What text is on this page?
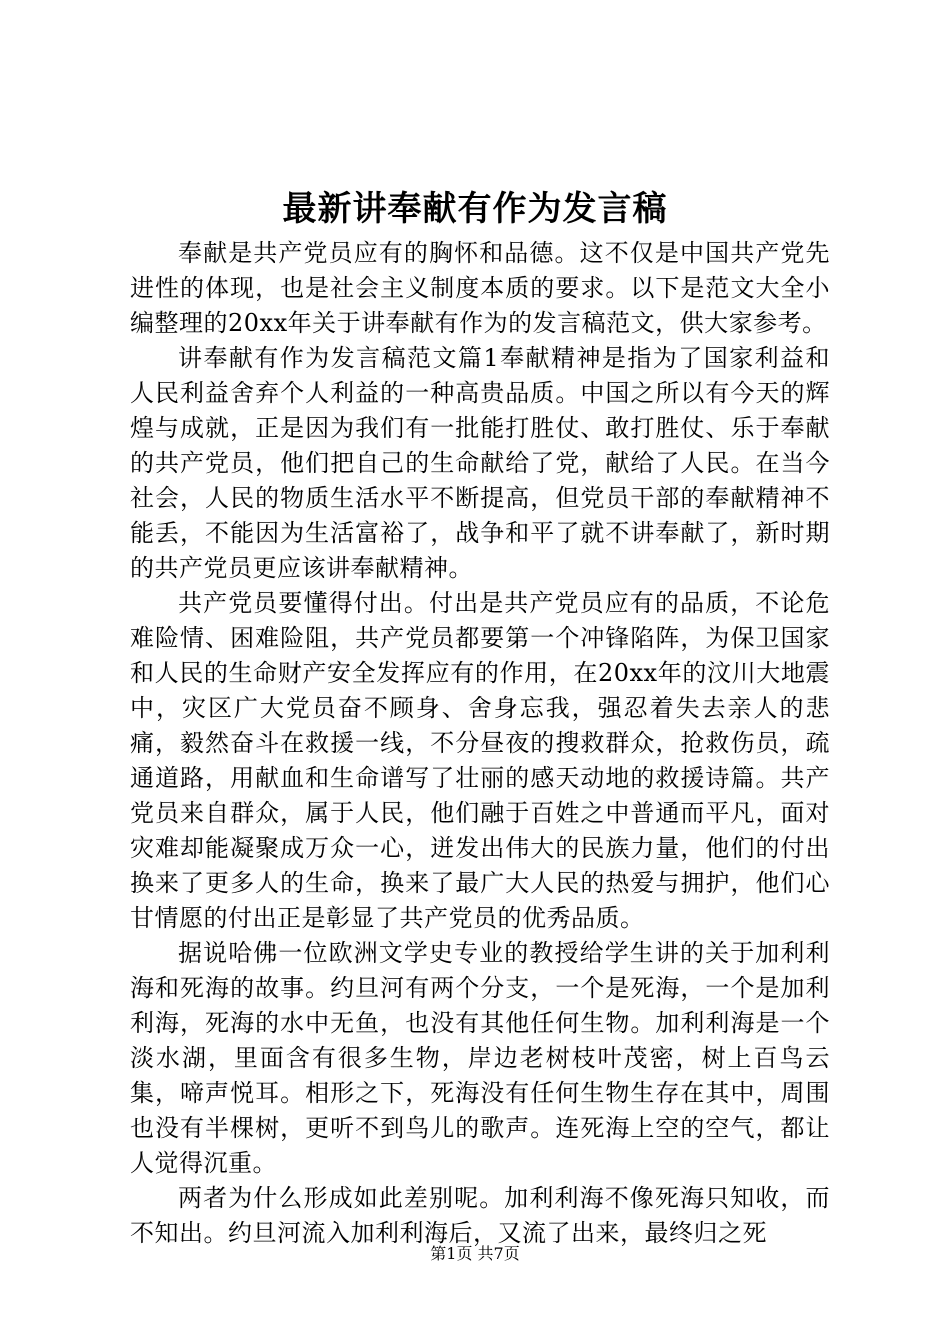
最新讲奉献有作为发言稿

奉献是共产党员应有的胸怀和品德。这不仅是中国共产党先进性的体现，也是社会主义制度本质的要求。以下是范文大全小编整理的20xx年关于讲奉献有作为的发言稿范文，供大家参考。

讲奉献有作为发言稿范文篇1奉献精神是指为了国家利益和人民利益舍弃个人利益的一种高贵品质。中国之所以有今天的辉煌与成就，正是因为我们有一批能打胜仗、敢打胜仗、乐于奉献的共产党员，他们把自己的生命献给了党，献给了人民。在当今社会，人民的物质生活水平不断提高，但党员干部的奉献精神不能丢，不能因为生活富裕了，战争和平了就不讲奉献了，新时期的共产党员更应该讲奉献精神。

共产党员要懂得付出。付出是共产党员应有的品质，不论危难险情、困难险阻，共产党员都要第一个冲锋陷阵，为保卫国家和人民的生命财产安全发挥应有的作用，在20xx年的汶川大地震中，灾区广大党员奋不顾身、舍身忘我，强忍着失去亲人的悲痛，毅然奋斗在救援一线，不分昼夜的搜救群众，抢救伤员，疏通道路，用献血和生命谱写了壮丽的感天动地的救援诗篇。共产党员来自群众，属于人民，他们融于百姓之中普通而平凡，面对灾难却能凝聚成万众一心，迸发出伟大的民族力量，他们的付出换来了更多人的生命，换来了最广大人民的热爱与拥护，他们心甘情愿的付出正是彰显了共产党员的优秀品质。

据说哈佛一位欧洲文学史专业的教授给学生讲的关于加利利海和死海的故事。约旦河有两个分支，一个是死海，一个是加利利海，死海的水中无鱼，也没有其他任何生物。加利利海是一个淡水湖，里面含有很多生物，岸边老树枝叶茂密，树上百鸟云集，啼声悦耳。相形之下，死海没有任何生物生存在其中，周围也没有半棵树，更听不到鸟儿的歌声。连死海上空的空气，都让人觉得沉重。

两者为什么形成如此差别呢。加利利海不像死海只知收，而不知出。约旦河流入加利利海后，又流了出来，最终归之死

第1页 共7页
